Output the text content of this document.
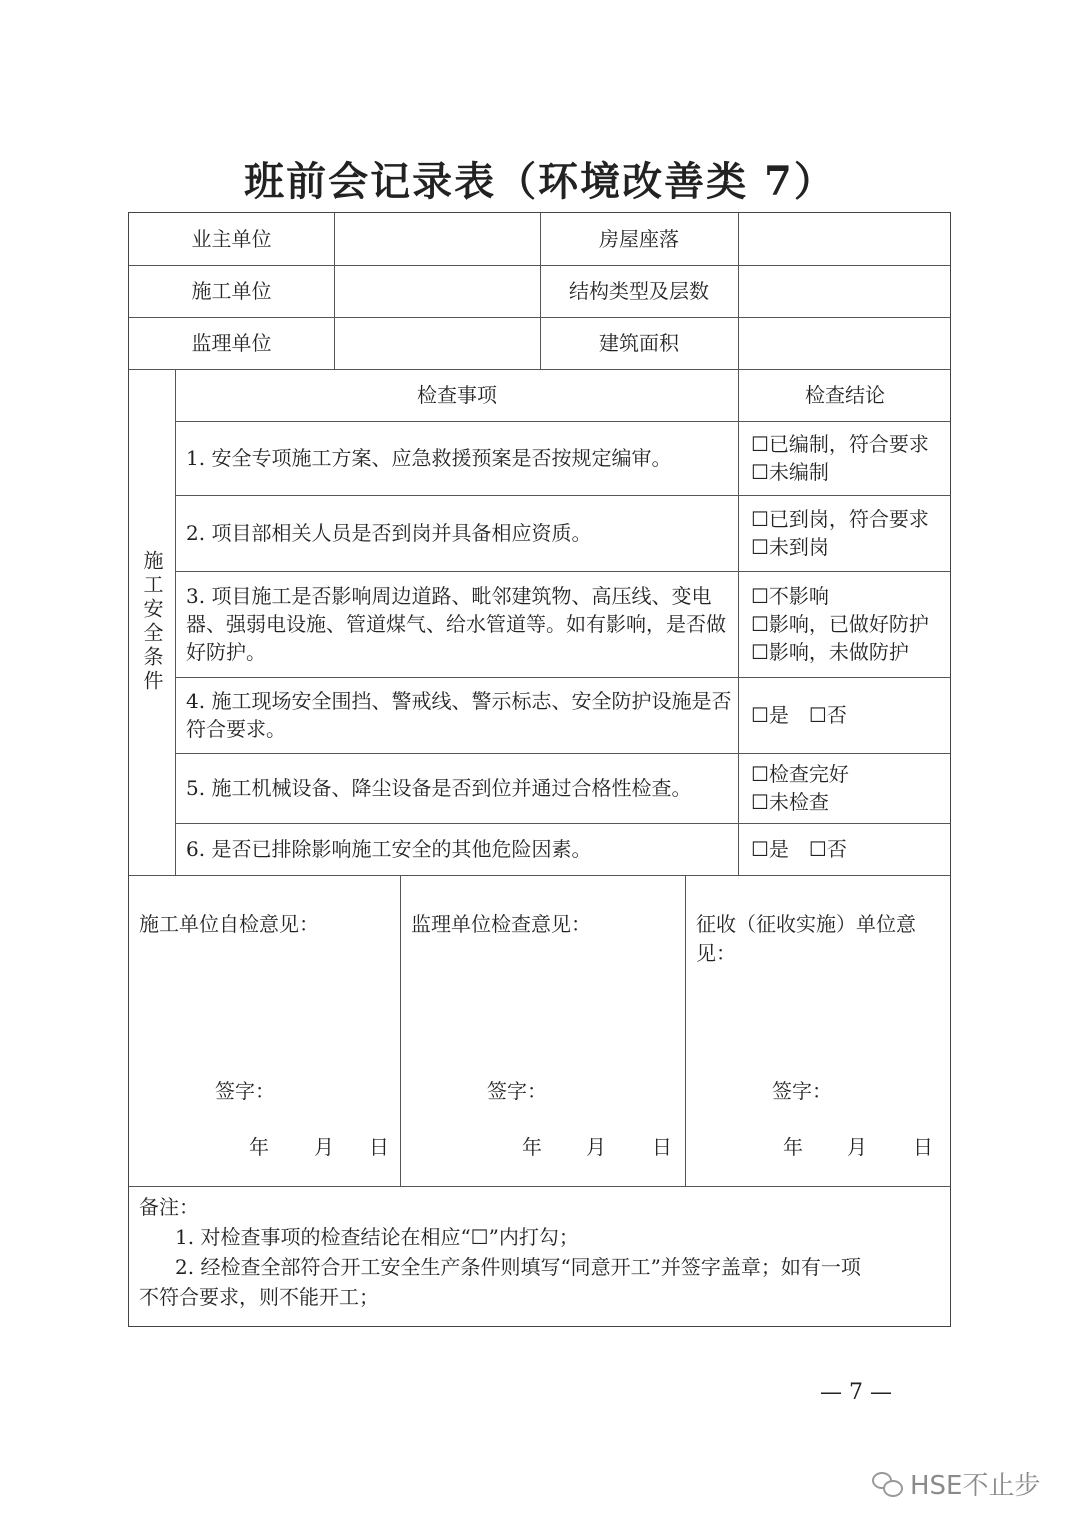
班前会记录表（环境改善类 7）
业主单位	房屋座落
施工单位	结构类型及层数
监理单位	建筑面积
施工安全条件
检查事项	检查结论
1. 安全专项施工方案、应急救援预案是否按规定编审。
☐已编制，符合要求
☐未编制
2. 项目部相关人员是否到岗并具备相应资质。
☐已到岗，符合要求
☐未到岗
3. 项目施工是否影响周边道路、毗邻建筑物、高压线、变电器、强弱电设施、管道煤气、给水管道等。如有影响，是否做好防护。
☐不影响
☐影响，已做好防护
☐影响，未做防护
4. 施工现场安全围挡、警戒线、警示标志、安全防护设施是否符合要求。
☐是　☐否
5. 施工机械设备、降尘设备是否到位并通过合格性检查。
☐检查完好
☐未检查
6. 是否已排除影响施工安全的其他危险因素。	☐是　☐否
施工单位自检意见：
签字：
年 月 日
监理单位检查意见：
签字：
年 月 日
征收（征收实施）单位意见：
签字：
年 月 日
备注：
1. 对检查事项的检查结论在相应“☐”内打勾；
2. 经检查全部符合开工安全生产条件则填写“同意开工”并签字盖章；如有一项
不符合要求，则不能开工；
— 7 —
HSE不止步
